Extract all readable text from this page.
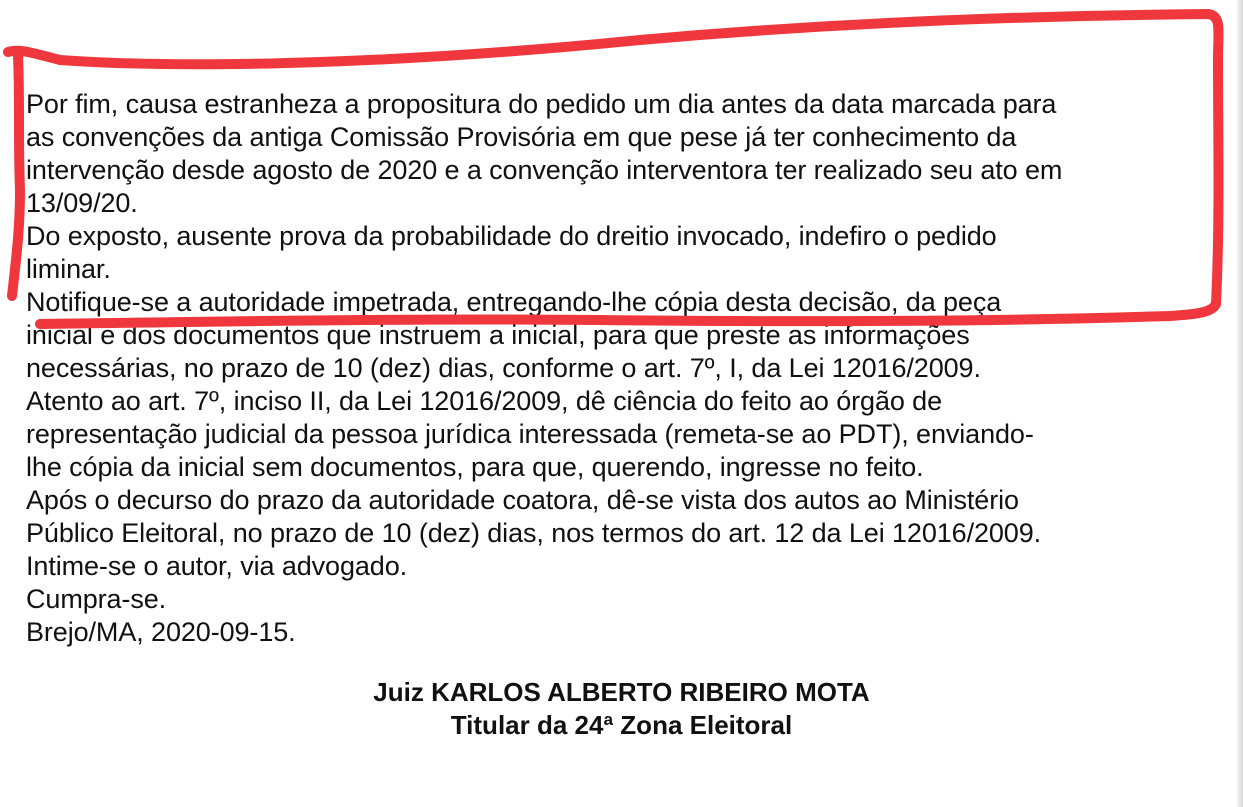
Por fim, causa estranheza a propositura do pedido um dia antes da data marcada para
as convenções da antiga Comissão Provisória em que pese já ter conhecimento da
intervenção desde agosto de 2020 e a convenção interventora ter realizado seu ato em
13/09/20.
Do exposto, ausente prova da probabilidade do dreitio invocado, indefiro o pedido
liminar.
Notifique-se a autoridade impetrada, entregando-lhe cópia desta decisão, da peça
inicial e dos documentos que instruem a inicial, para que preste as informações
necessárias, no prazo de 10 (dez) dias, conforme o art. 7º, I, da Lei 12016/2009.
Atento ao art. 7º, inciso II, da Lei 12016/2009, dê ciência do feito ao órgão de
representação judicial da pessoa jurídica interessada (remeta-se ao PDT), enviando-
lhe cópia da inicial sem documentos, para que, querendo, ingresse no feito.
Após o decurso do prazo da autoridade coatora, dê-se vista dos autos ao Ministério
Público Eleitoral, no prazo de 10 (dez) dias, nos termos do art. 12 da Lei 12016/2009.
Intime-se o autor, via advogado.
Cumpra-se.
Brejo/MA, 2020-09-15.
Juiz KARLOS ALBERTO RIBEIRO MOTA
Titular da 24ª Zona Eleitoral
